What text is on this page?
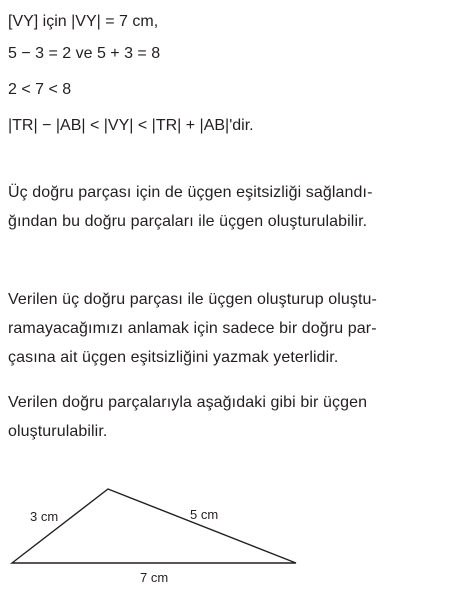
[VY] için |VY| = 7 cm,

5 − 3 = 2 ve 5 + 3 = 8

2 < 7 < 8

|TR| − |AB| < |VY| < |TR| + |AB|'dir.

Üç doğru parçası için de üçgen eşitsizliği sağlandı-

ğından bu doğru parçaları ile üçgen oluşturulabilir.

Verilen üç doğru parçası ile üçgen oluşturup oluştu-

ramayacağımızı anlamak için sadece bir doğru par-

çasına ait üçgen eşitsizliğini yazmak yeterlidir.

Verilen doğru parçalarıyla aşağıdaki gibi bir üçgen

oluşturulabilir.

3 cm	5 cm
7 cm
